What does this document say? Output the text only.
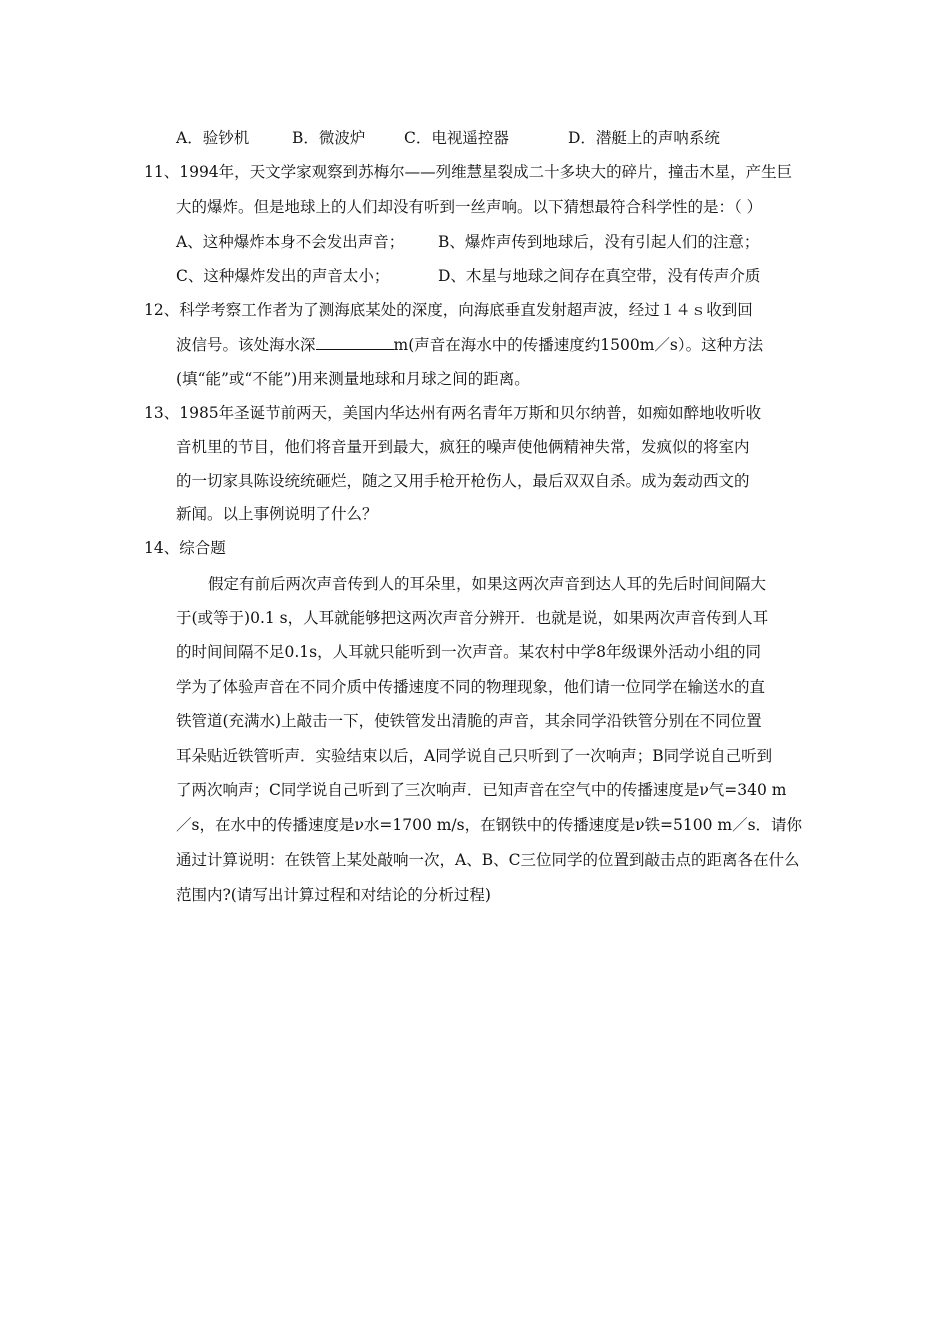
A．验钞机	B．微波炉 C．电视遥控器	D．潜艇上的声呐系统
11、1994年，天文学家观察到苏梅尔——列维慧星裂成二十多块大的碎片，撞击木星，产生巨
大的爆炸。但是地球上的人们却没有听到一丝声响。以下猜想最符合科学性的是：（ ）
A、这种爆炸本身不会发出声音； B、爆炸声传到地球后，没有引起人们的注意；
C、这种爆炸发出的声音太小；	D、木星与地球之间存在真空带，没有传声介质
12、科学考察工作者为了测海底某处的深度，向海底垂直发射超声波，经过１４ｓ收到回
波信号。该处海水深	m(声音在海水中的传播速度约1500m／s）。这种方法
(填“能”或“不能”)用来测量地球和月球之间的距离。
13、1985年圣诞节前两天，美国内华达州有两名青年万斯和贝尔纳普，如痴如醉地收听收
音机里的节目，他们将音量开到最大，疯狂的噪声使他俩精神失常，发疯似的将室内
的一切家具陈设统统砸烂，随之又用手枪开枪伤人，最后双双自杀。成为轰动西文的
新闻。以上事例说明了什么？
14、综合题
假定有前后两次声音传到人的耳朵里，如果这两次声音到达人耳的先后时间间隔大
于(或等于)0.1 s，人耳就能够把这两次声音分辨开．也就是说，如果两次声音传到人耳
的时间间隔不足0.1s，人耳就只能听到一次声音。某农村中学8年级课外活动小组的同
学为了体验声音在不同介质中传播速度不同的物理现象，他们请一位同学在输送水的直
铁管道(充满水)上敲击一下，使铁管发出清脆的声音，其余同学沿铁管分别在不同位置
耳朵贴近铁管听声．实验结束以后，A同学说自己只听到了一次响声；B同学说自己听到
了两次响声；C同学说自己听到了三次响声．已知声音在空气中的传播速度是ν气=340 m
／s，在水中的传播速度是ν水=1700 m/s，在钢铁中的传播速度是ν铁=5100 m／s．请你
通过计算说明：在铁管上某处敲响一次，A、B、C三位同学的位置到敲击点的距离各在什么
范围内?(请写出计算过程和对结论的分析过程)
